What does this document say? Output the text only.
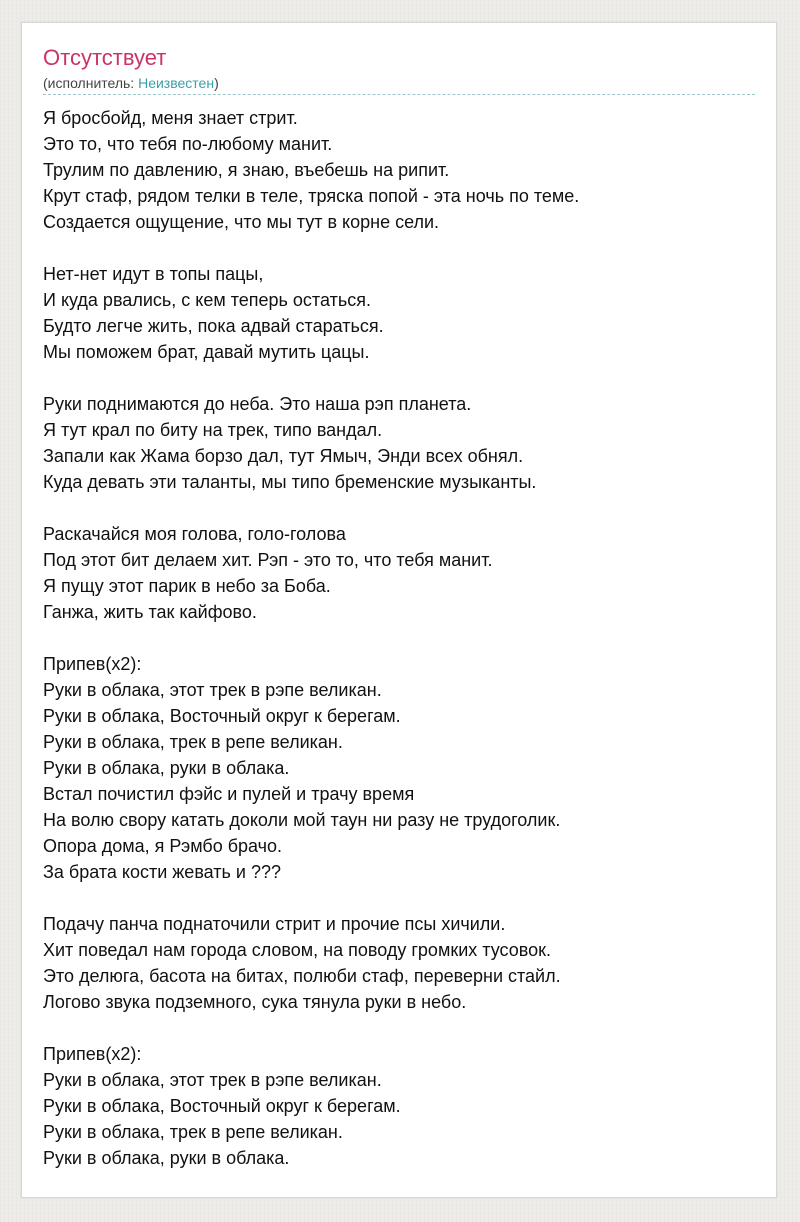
Отсутствует
(исполнитель: Неизвестен)
Я бросбойд, меня знает стрит.
Это то, что тебя по-любому манит.
Трулим по давлению, я знаю, въебешь на рипит.
Крут стаф, рядом телки в теле, тряска попой - эта ночь по теме.
Создается ощущение, что мы тут в корне сели.
Нет-нет идут в топы пацы,
И куда рвались, с кем теперь остаться.
Будто легче жить, пока адвай стараться.
Мы поможем брат, давай мутить цацы.
Руки поднимаются до неба. Это наша рэп планета.
Я тут крал по биту на трек, типо вандал.
Запали как Жама борзо дал, тут Ямыч, Энди всех обнял.
Куда девать эти таланты, мы типо бременские музыканты.
Раскачайся моя голова, голо-голова
Под этот бит делаем хит. Рэп - это то, что тебя манит.
Я пущу этот парик в небо за Боба.
Ганжа, жить так кайфово.
Припев(x2):
Руки в облака, этот трек в рэпе великан.
Руки в облака, Восточный округ к берегам.
Руки в облака, трек в репе великан.
Руки в облака, руки в облака.
Встал почистил фэйс и пулей и трачу время
На волю свору катать доколи мой таун ни разу не трудоголик.
Опора дома, я Рэмбо брачо.
За брата кости жевать и ???
Подачу панча поднаточили стрит и прочие псы хичили.
Хит поведал нам города словом, на поводу громких тусовок.
Это делюга, басота на битах, полюби стаф, переверни стайл.
Логово звука подземного, сука тянула руки в небо.
Припев(x2):
Руки в облака, этот трек в рэпе великан.
Руки в облака, Восточный округ к берегам.
Руки в облака, трек в репе великан.
Руки в облака, руки в облака.
